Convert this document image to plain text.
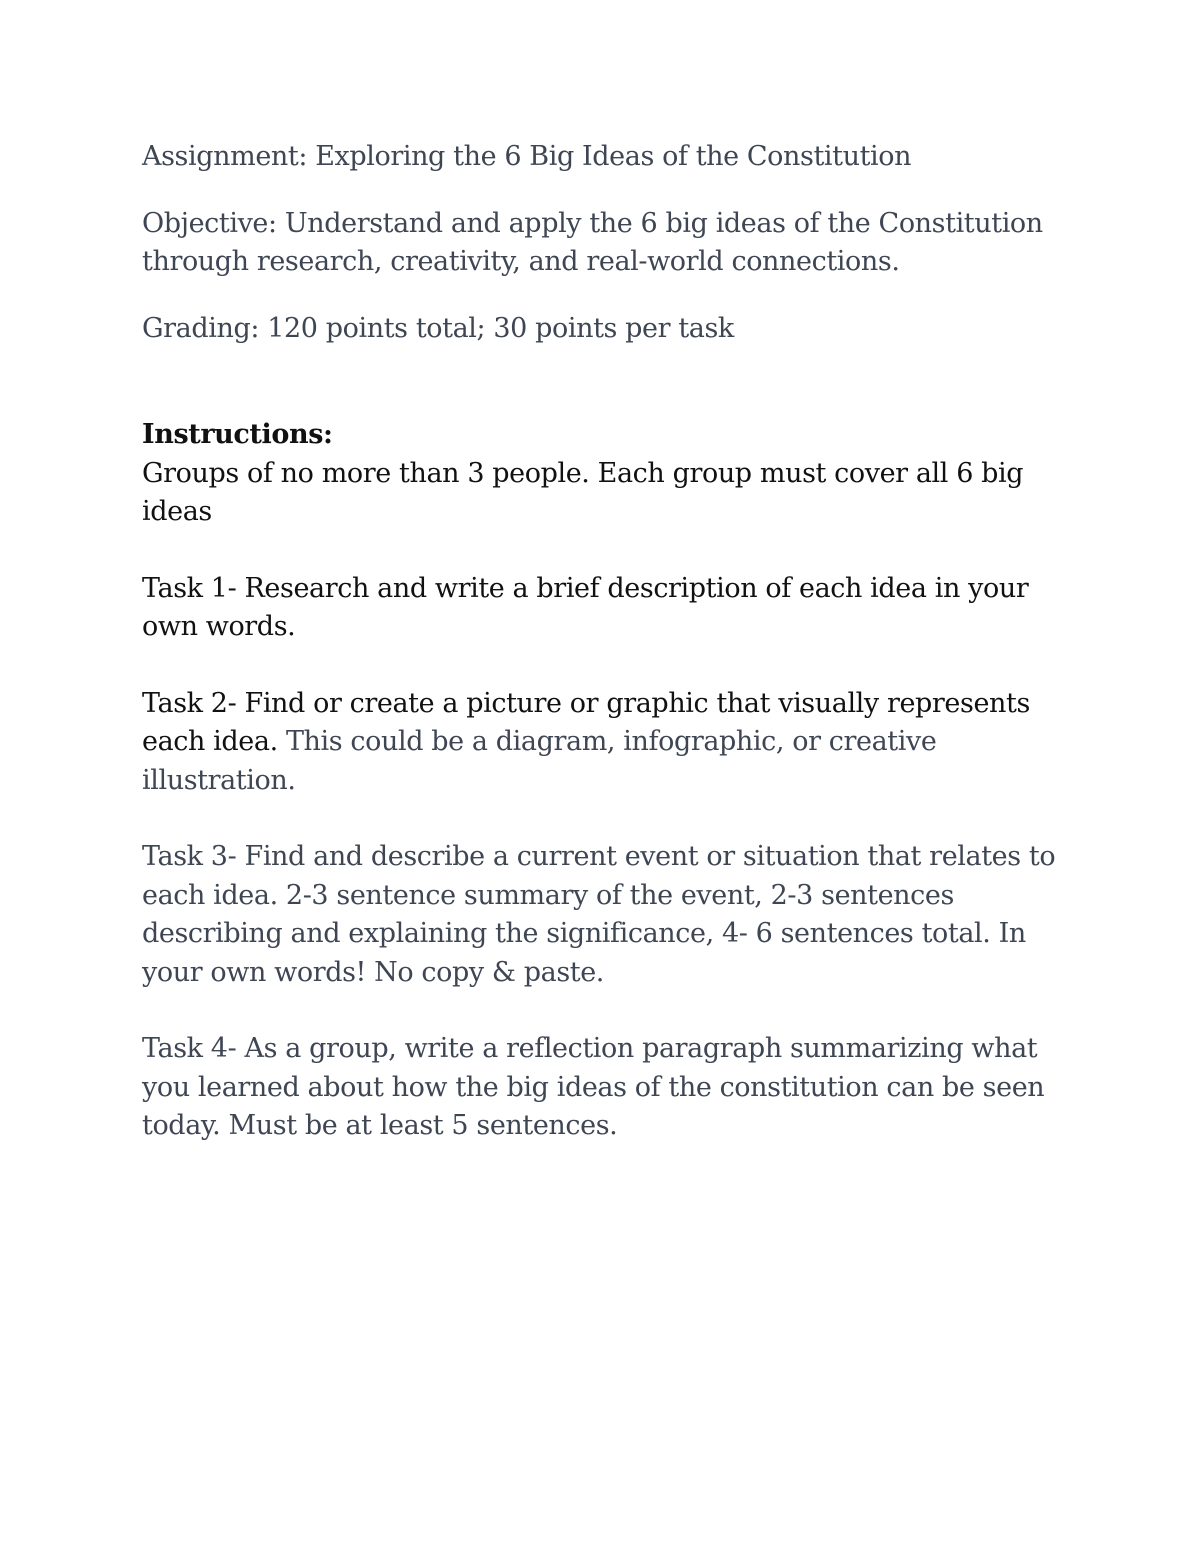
Assignment: Exploring the 6 Big Ideas of the Constitution

Objective: Understand and apply the 6 big ideas of the Constitution through research, creativity, and real-world connections.

Grading: 120 points total; 30 points per task

Instructions:

Groups of no more than 3 people. Each group must cover all 6 big ideas

Task 1- Research and write a brief description of each idea in your own words.

Task 2- Find or create a picture or graphic that visually represents each idea. This could be a diagram, infographic, or creative illustration.

Task 3- Find and describe a current event or situation that relates to each idea. 2-3 sentence summary of the event, 2-3 sentences describing and explaining the significance, 4- 6 sentences total. In your own words! No copy & paste.

Task 4- As a group, write a reflection paragraph summarizing what you learned about how the big ideas of the constitution can be seen today. Must be at least 5 sentences.
